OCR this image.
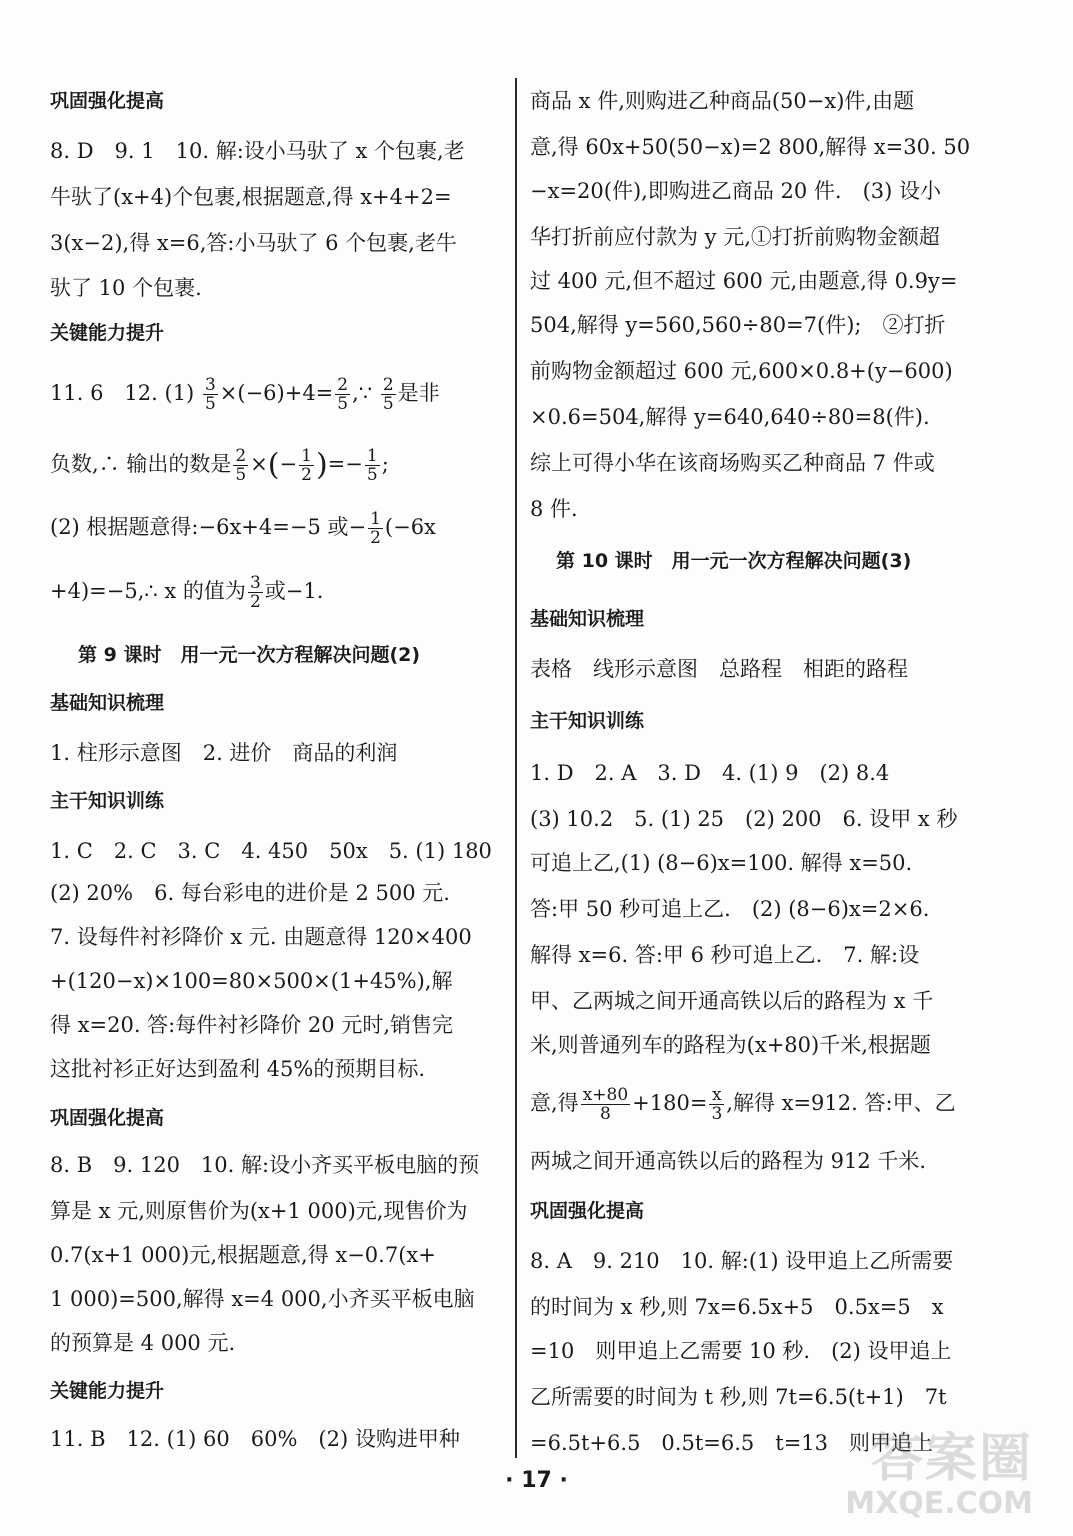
巩固强化提高
8. D　9. 1　10. 解:设小马驮了 x 个包裹,老
牛驮了(x+4)个包裹,根据题意,得 x+4+2=
3(x−2),得 x=6,答:小马驮了 6 个包裹,老牛
驮了 10 个包裹.
关键能力提升
11. 6　12. $(1) \frac{3}{5} \times(-6)+4= \frac{2}{5}$ ,∵ $\frac{2}{5}$ 是非
负数,∴ 输出的数是 $\frac{2}{5}$ ×(− $\frac{1}{2}$ )=− $\frac{1}{5}$ ;
(2) 根据题意得:−6x+4=−5 或− $\frac{1}{2} (-6x$
+4)=−5,∴ x 的值为 $\frac{3}{2}$ 或−1.
第 9 课时　用一元一次方程解决问题(2)
基础知识梳理
1. 柱形示意图　2. 进价　商品的利润
主干知识训练
1. C　2. C　3. C　4. 450　50x　5. (1) 180
(2) 20%　6. 每台彩电的进价是 2 500 元.
7. 设每件衬衫降价 x 元. 由题意得 120×400
+(120−x)×100=80×500×(1+45%),解
得 x=20. 答:每件衬衫降价 20 元时,销售完
这批衬衫正好达到盈利 45%的预期目标.
巩固强化提高
8. B　9. 120　10. 解:设小齐买平板电脑的预
算是 x 元,则原售价为(x+1 000)元,现售价为
0.7(x+1 000)元,根据题意,得 x−0.7(x+
1 000)=500,解得 x=4 000,小齐买平板电脑
的预算是 4 000 元.
关键能力提升
11. B　12. (1) 60　60%　(2) 设购进甲种
商品 x 件,则购进乙种商品(50−x)件,由题
意,得 60x+50(50−x)=2 800,解得 x=30. 50
−x=20(件),即购进乙商品 20 件.　(3) 设小
华打折前应付款为 y 元,①打折前购物金额超
过 400 元,但不超过 600 元,由题意,得 0.9y=
504,解得 y=560,560÷80=7(件);　②打折
前购物金额超过 600 元,600×0.8+(y−600)
×0.6=504,解得 y=640,640÷80=8(件).
综上可得小华在该商场购买乙种商品 7 件或
8 件.
第 10 课时　用一元一次方程解决问题(3)
基础知识梳理
表格　线形示意图　总路程　相距的路程
主干知识训练
1. D　2. A　3. D　4. (1) 9　(2) 8.4
(3) 10.2　5. (1) 25　(2) 200　6. 设甲 x 秒
可追上乙,(1) (8−6)x=100. 解得 x=50.
答:甲 50 秒可追上乙.　(2) (8−6)x=2×6.
解得 x=6. 答:甲 6 秒可追上乙.　7. 解:设
甲、乙两城之间开通高铁以后的路程为 x 千
米,则普通列车的路程为(x+80)千米,根据题
意,得 $\frac{x+80}{8} +180= \frac{x}{3}$ ,解得 x=912. 答:甲、乙
两城之间开通高铁以后的路程为 912 千米.
巩固强化提高
8. A　9. 210　10. 解:(1) 设甲追上乙所需要
的时间为 x 秒,则 7x=6.5x+5　0.5x=5　x
=10　则甲追上乙需要 10 秒.　(2) 设甲追上
乙所需要的时间为 t 秒,则 7t=6.5(t+1)　7t
=6.5t+6.5　0.5t=6.5　t=13　则甲追上
· 17 ·	答案圈
MXQE.COM
